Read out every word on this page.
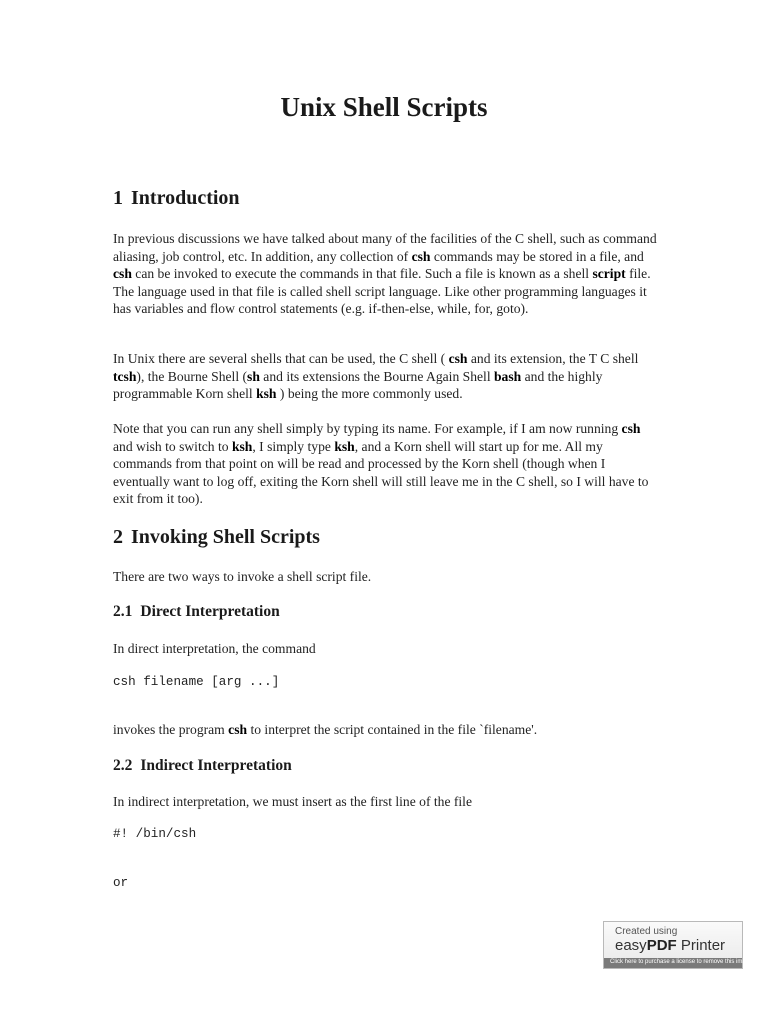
Unix Shell Scripts
1 Introduction

In previous discussions we have talked about many of the facilities of the C shell, such as command aliasing, job control, etc. In addition, any collection of csh commands may be stored in a file, and csh can be invoked to execute the commands in that file. Such a file is known as a shell script file. The language used in that file is called shell script language. Like other programming languages it has variables and flow control statements (e.g. if-then-else, while, for, goto).

In Unix there are several shells that can be used, the C shell ( csh and its extension, the T C shell tcsh), the Bourne Shell (sh and its extensions the Bourne Again Shell bash and the highly programmable Korn shell ksh ) being the more commonly used.

Note that you can run any shell simply by typing its name. For example, if I am now running csh and wish to switch to ksh, I simply type ksh, and a Korn shell will start up for me. All my commands from that point on will be read and processed by the Korn shell (though when I eventually want to log off, exiting the Korn shell will still leave me in the C shell, so I will have to exit from it too).

2 Invoking Shell Scripts

There are two ways to invoke a shell script file.

2.1 Direct Interpretation

In direct interpretation, the command

csh filename [arg ...]

invokes the program csh to interpret the script contained in the file `filename'.

2.2 Indirect Interpretation

In indirect interpretation, we must insert as the first line of the file

#! /bin/csh

or

Created using
easyPDF Printer
Click here to purchase a license to remove this image
